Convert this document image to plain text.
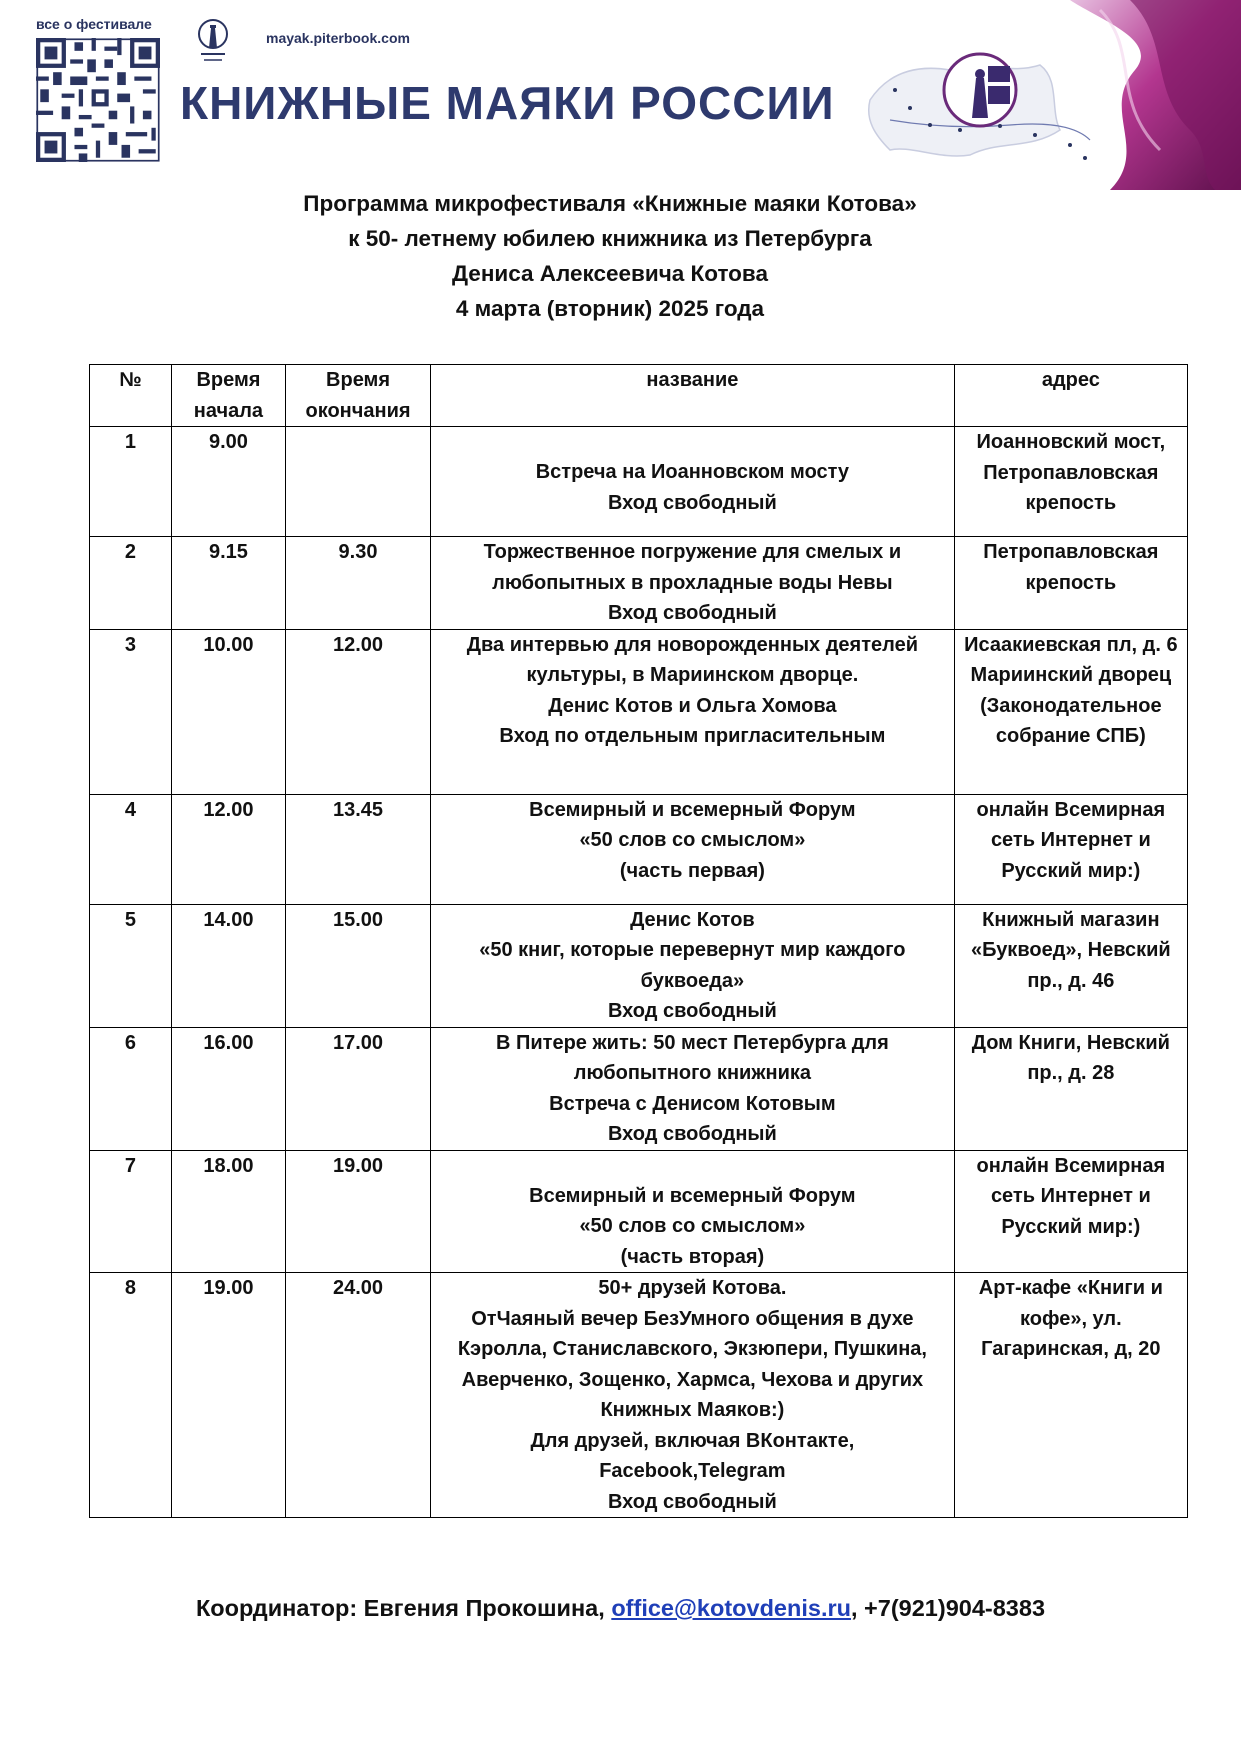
все о фестивале
mayak.piterbook.com
КНИЖНЫЕ МАЯКИ РОССИИ
Программа микрофестиваля «Книжные маяки Котова»
к 50- летнему юбилею книжника из Петербурга
Дениса Алексеевича Котова
4 марта (вторник) 2025 года
№	Время начала	Время окончания	название	адрес
1	9.00		Встреча на Иоанновском мосту
Вход свободный	Иоанновский мост, Петропавловская крепость
2	9.15	9.30	Торжественное погружение для смелых и любопытных в прохладные воды Невы
Вход свободный	Петропавловская крепость
3	10.00	12.00	Два интервью для новорожденных деятелей культуры, в Мариинском дворце.
Денис Котов и Ольга Хомова
Вход по отдельным пригласительным	Исаакиевская пл, д. 6 Мариинский дворец (Законодательное собрание СПБ)
4	12.00	13.45	Всемирный и всемерный Форум
«50 слов со смыслом»
(часть первая)	онлайн Всемирная сеть Интернет и Русский мир:)
5	14.00	15.00	Денис Котов
«50 книг, которые перевернут мир каждого буквоеда»
Вход свободный	Книжный магазин «Буквоед», Невский пр., д. 46
6	16.00	17.00	В Питере жить: 50 мест Петербурга для любопытного книжника
Встреча с Денисом Котовым
Вход свободный	Дом Книги, Невский пр., д. 28
7	18.00	19.00	Всемирный и всемерный Форум
«50 слов со смыслом»
(часть вторая)	онлайн Всемирная сеть Интернет и Русский мир:)
8	19.00	24.00	50+ друзей Котова.
ОтЧаяный вечер БезУмного общения в духе Кэролла, Станиславского, Экзюпери, Пушкина, Аверченко, Зощенко, Хармса, Чехова и других Книжных Маяков:)
Для друзей, включая ВКонтакте, Facebook,Telegram
Вход свободный	Арт-кафе «Книги и кофе», ул. Гагаринская, д, 20
Координатор: Евгения Прокошина, office@kotovdenis.ru, +7(921)904-8383
